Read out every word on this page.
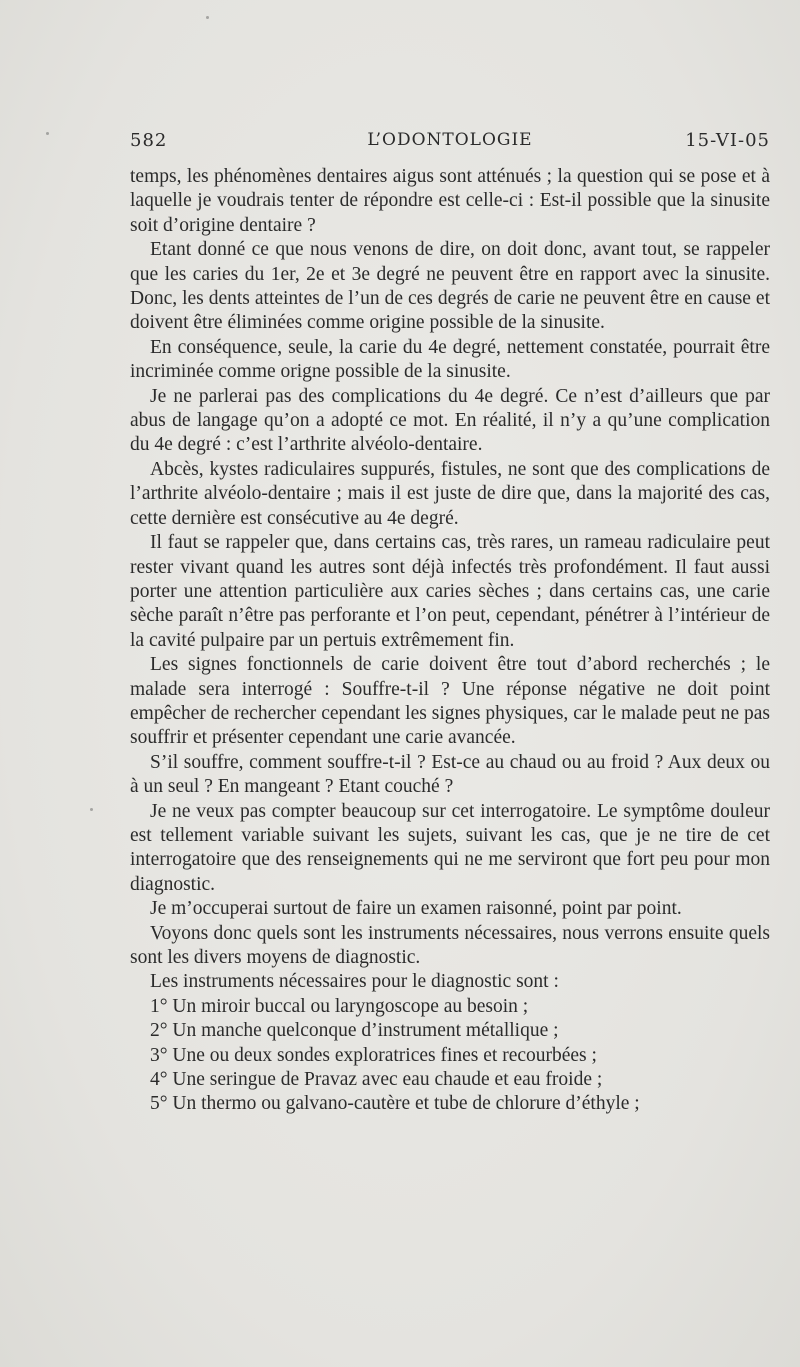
582	L’ODONTOLOGIE	15-VI-05

temps, les phénomènes dentaires aigus sont atténués ; la question qui se pose et à laquelle je voudrais tenter de répondre est celle-ci : Est-il possible que la sinusite soit d’origine dentaire ?

Etant donné ce que nous venons de dire, on doit donc, avant tout, se rappeler que les caries du 1er, 2e et 3e degré ne peuvent être en rapport avec la sinusite. Donc, les dents atteintes de l’un de ces degrés de carie ne peuvent être en cause et doivent être éliminées comme origine possible de la sinusite.

En conséquence, seule, la carie du 4e degré, nettement constatée, pourrait être incriminée comme origne possible de la sinusite.

Je ne parlerai pas des complications du 4e degré. Ce n’est d’ailleurs que par abus de langage qu’on a adopté ce mot. En réalité, il n’y a qu’une complication du 4e degré : c’est l’arthrite alvéolo-dentaire.

Abcès, kystes radiculaires suppurés, fistules, ne sont que des complications de l’arthrite alvéolo-dentaire ; mais il est juste de dire que, dans la majorité des cas, cette dernière est consécutive au 4e degré.

Il faut se rappeler que, dans certains cas, très rares, un rameau radiculaire peut rester vivant quand les autres sont déjà infectés très profondément. Il faut aussi porter une attention particulière aux caries sèches ; dans certains cas, une carie sèche paraît n’être pas perforante et l’on peut, cependant, pénétrer à l’intérieur de la cavité pulpaire par un pertuis extrêmement fin.

Les signes fonctionnels de carie doivent être tout d’abord recherchés ; le malade sera interrogé : Souffre-t-il ? Une réponse négative ne doit point empêcher de rechercher cependant les signes physiques, car le malade peut ne pas souffrir et présenter cependant une carie avancée.

S’il souffre, comment souffre-t-il ? Est-ce au chaud ou au froid ? Aux deux ou à un seul ? En mangeant ? Etant couché ?

Je ne veux pas compter beaucoup sur cet interrogatoire. Le symptôme douleur est tellement variable suivant les sujets, suivant les cas, que je ne tire de cet interrogatoire que des renseignements qui ne me serviront que fort peu pour mon diagnostic.

Je m’occuperai surtout de faire un examen raisonné, point par point.

Voyons donc quels sont les instruments nécessaires, nous verrons ensuite quels sont les divers moyens de diagnostic.

Les instruments nécessaires pour le diagnostic sont :

1° Un miroir buccal ou laryngoscope au besoin ;

2° Un manche quelconque d’instrument métallique ;

3° Une ou deux sondes exploratrices fines et recourbées ;

4° Une seringue de Pravaz avec eau chaude et eau froide ;

5° Un thermo ou galvano-cautère et tube de chlorure d’éthyle ;
